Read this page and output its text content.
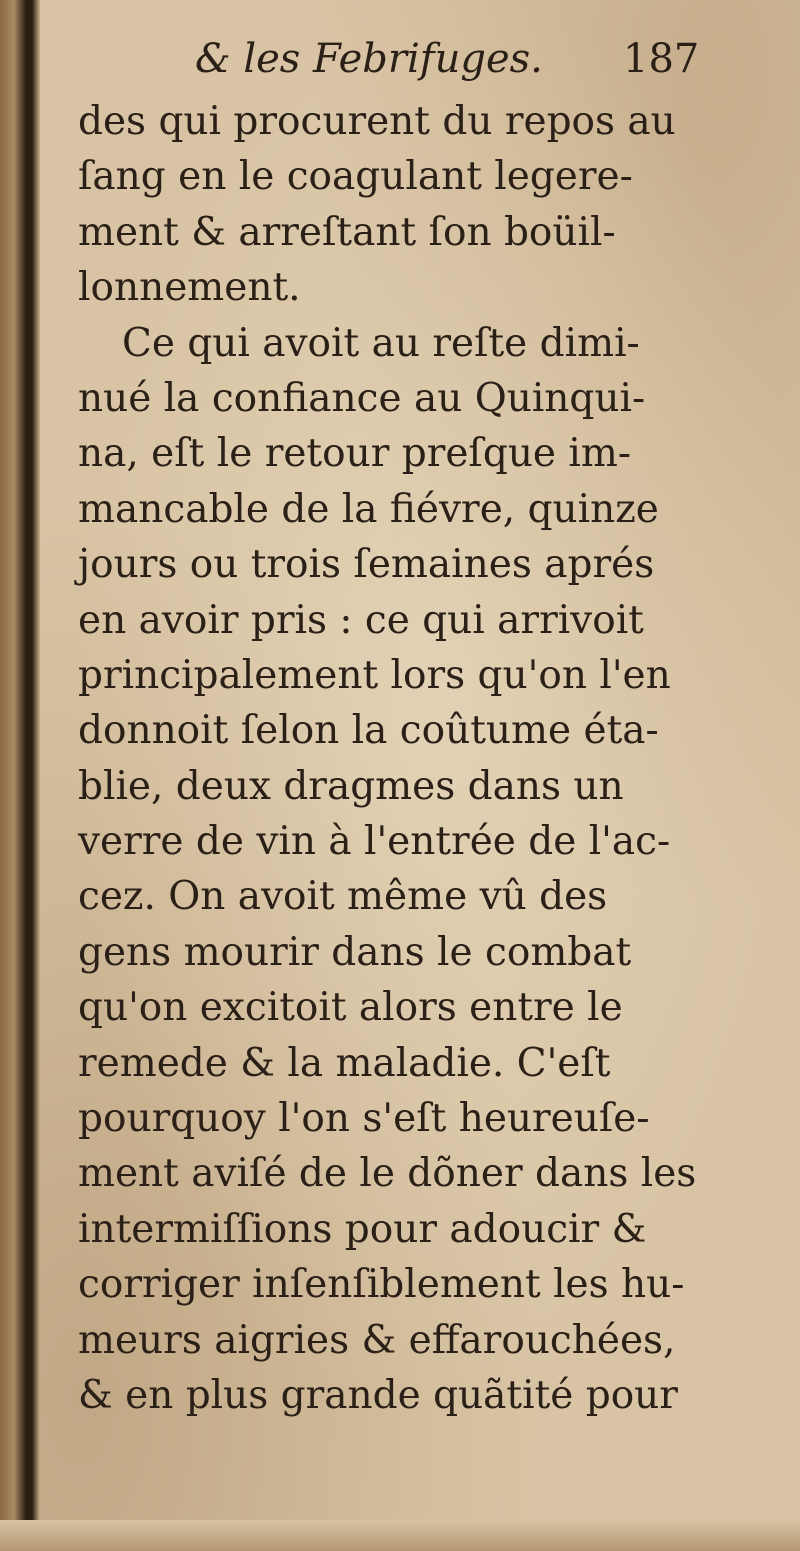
& les Febrifuges. 187
des qui procurent du repos au
ſang en le coagulant legere-
ment & arreſtant ſon boüil-
lonnement.
Ce qui avoit au reſte dimi-
nué la confiance au Quinqui-
na, eſt le retour preſque im-
mancable de la fiévre, quinze
jours ou trois ſemaines aprés
en avoir pris : ce qui arrivoit
principalement lors qu'on l'en
donnoit ſelon la coûtume éta-
blie, deux dragmes dans un
verre de vin à l'entrée de l'ac-
cez. On avoit même vû des
gens mourir dans le combat
qu'on excitoit alors entre le
remede & la maladie. C'eſt
pourquoy l'on s'eſt heureuſe-
ment aviſé de le dõner dans les
intermiſſions pour adoucir &
corriger inſenſiblement les hu-
meurs aigries & effarouchées,
& en plus grande quãtité pour
